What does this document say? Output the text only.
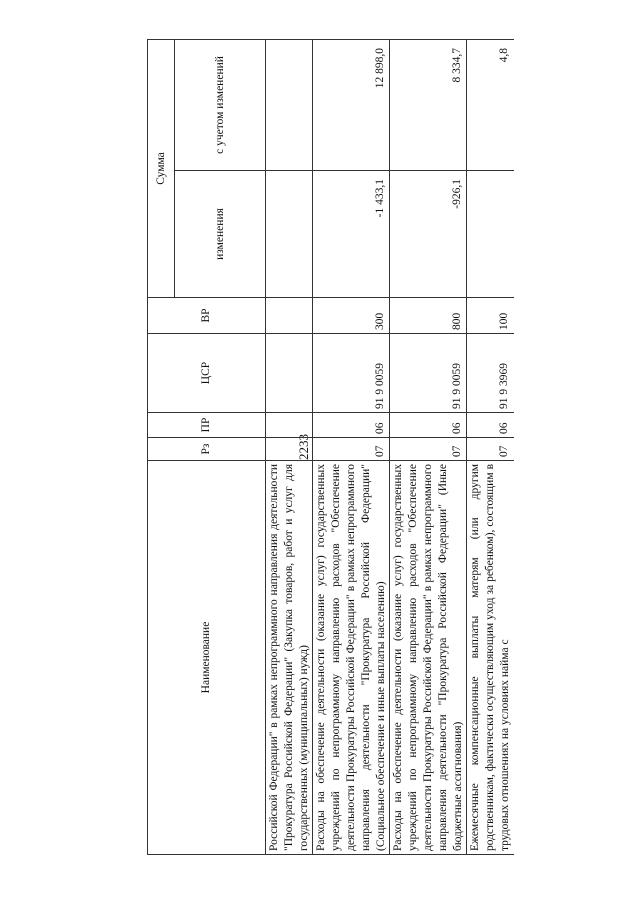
2233
Наименование	Рз	ПР	ЦСР	ВР	Сумма	
					изменения	с учетом изменений
Российской Федерации" в рамках непрограммного направления деятельности "Прокуратура Российской Федерации" (Закупка товаров, работ и услуг для государственных (муниципальных) нужд)						
Расходы на обеспечение деятельности (оказание услуг) государственных учреждений по непрограммному направлению расходов "Обеспечение деятельности Прокуратуры Российской Федерации" в рамках непрограммного направления деятельности "Прокуратура Российской Федерации" (Социальное обеспечение и иные выплаты населению)	07	06	91 9 0059	300	-1 433,1	12 898,0
Расходы на обеспечение деятельности (оказание услуг) государственных учреждений по непрограммному направлению расходов "Обеспечение деятельности Прокуратуры Российской Федерации" в рамках непрограммного направления деятельности "Прокуратура Российской Федерации" (Иные бюджетные ассигнования)	07	06	91 9 0059	800	-926,1	8 334,7
Ежемесячные компенсационные выплаты матерям (или другим родственникам, фактически осуществляющим уход за ребенком), состоящим в трудовых отношениях на условиях найма с	07	06	91 9 3969	100		4,8
